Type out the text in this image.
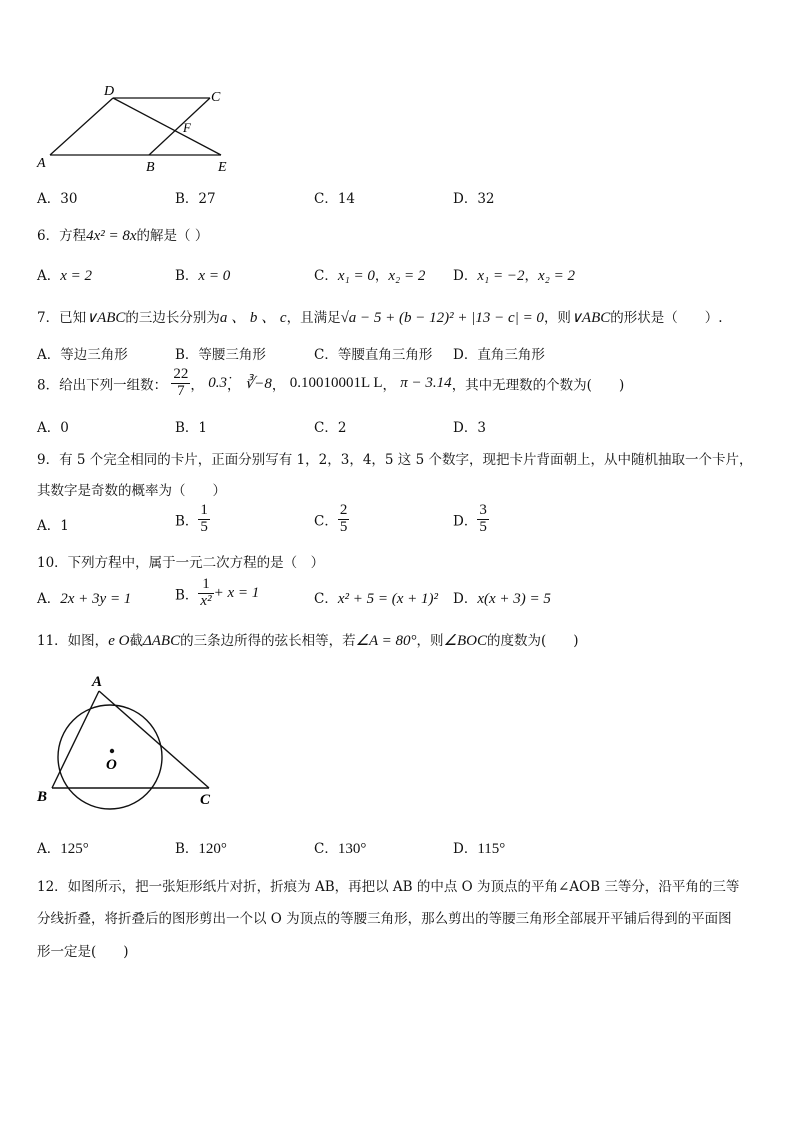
D	C
F
A	B	E
A．30	B．27	C．14	D．32
6．方程4x² = 8x的解是（ ）
A．x = 2	B．x = 0	C．x₁ = 0，x₂ = 2 D．x₁ = −2，x₂ = 2
7．已知∨ABC的三边长分别为a 、 b 、 c，且满足√a − 5 + (b − 12)² + |13 − c| = 0，则∨ABC的形状是（　　）.
A．等边三角形	B．等腰三角形	C．等腰直角三角形 D．直角三角形
8．给出下列一组数： $\frac{22}{7}$ ， 0.3̇， ∛−8， 0.10010001L L， π − 3.14，其中无理数的个数为(　　)
A．0	B．1	C．2	D．3
9．有 5 个完全相同的卡片，正面分别写有 1，2，3，4，5 这 5 个数字，现把卡片背面朝上，从中随机抽取一个卡片，
其数字是奇数的概率为（　　）
A．1	B． $\frac{1}{5}$	C． $\frac{2}{5}$	D． $\frac{3}{5}$
10．下列方程中，属于一元二次方程的是（　）
A．2x + 3y = 1	B． $\frac{1}{\text{x²}} + x = 1$	C．x² + 5 = (x + 1)² D．x(x + 3) = 5
11．如图，e O截ΔABC的三条边所得的弦长相等，若∠A = 80°，则∠BOC的度数为(　　)
A
B	C
O
A．125°	B．120°	C．130°	D．115°
12．如图所示，把一张矩形纸片对折，折痕为 AB，再把以 AB 的中点 O 为顶点的平角∠AOB 三等分，沿平角的三等
分线折叠，将折叠后的图形剪出一个以 O 为顶点的等腰三角形，那么剪出的等腰三角形全部展开平铺后得到的平面图
形一定是(　　)
